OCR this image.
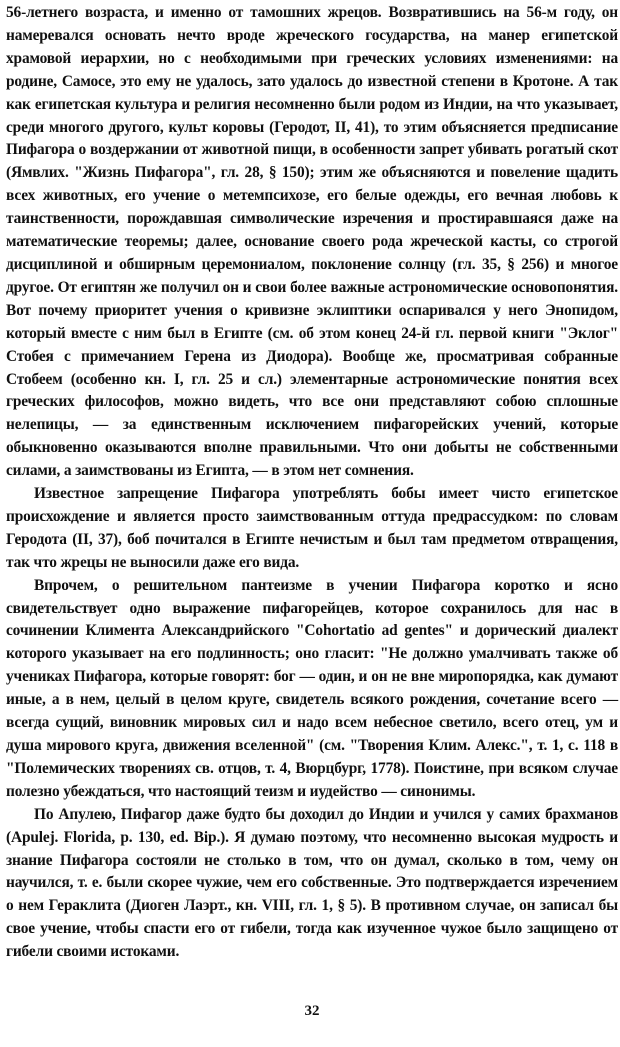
56-летнего возраста, и именно от тамошних жрецов. Возвратившись на 56-м году, он намеревался основать нечто вроде жреческого государства, на манер египетской храмовой иерархии, но с необходимыми при греческих условиях изменениями: на родине, Самосе, это ему не удалось, зато удалось до известной степени в Кротоне. А так как египетская культура и религия несомненно были родом из Индии, на что указывает, среди многого другого, культ коровы (Геродот, II, 41), то этим объясняется предписание Пифагора о воздержании от животной пищи, в особенности запрет убивать рогатый скот (Ямвлих. "Жизнь Пифагора", гл. 28, § 150); этим же объясняются и повеление щадить всех животных, его учение о метемпсихозе, его белые одежды, его вечная любовь к таинственности, порождавшая символические изречения и простиравшаяся даже на математические теоремы; далее, основание своего рода жреческой касты, со строгой дисциплиной и обширным церемониалом, поклонение солнцу (гл. 35, § 256) и многое другое. От египтян же получил он и свои более важные астрономические основопонятия. Вот почему приоритет учения о кривизне эклиптики оспаривался у него Энопидом, который вместе с ним был в Египте (см. об этом конец 24-й гл. первой книги "Эклог" Стобея с примечанием Герена из Диодора). Вообще же, просматривая собранные Стобеем (особенно кн. I, гл. 25 и сл.) элементарные астрономические понятия всех греческих философов, можно видеть, что все они представляют собою сплошные нелепицы, — за единственным исключением пифагорейских учений, которые обыкновенно оказываются вполне правильными. Что они добыты не собственными силами, а заимствованы из Египта, — в этом нет сомнения.

Известное запрещение Пифагора употреблять бобы имеет чисто египетское происхождение и является просто заимствованным оттуда предрассудком: по словам Геродота (II, 37), боб почитался в Египте нечистым и был там предметом отвращения, так что жрецы не выносили даже его вида.

Впрочем, о решительном пантеизме в учении Пифагора коротко и ясно свидетельствует одно выражение пифагорейцев, которое сохранилось для нас в сочинении Климента Александрийского "Cohortatio ad gentes" и дорический диалект которого указывает на его подлинность; оно гласит: "Не должно умалчивать также об учениках Пифагора, которые говорят: бог — один, и он не вне миропорядка, как думают иные, а в нем, целый в целом круге, свидетель всякого рождения, сочетание всего — всегда сущий, виновник мировых сил и надо всем небесное светило, всего отец, ум и душа мирового круга, движения вселенной" (см. "Творения Клим. Алекс.", т. 1, с. 118 в "Полемических творениях св. отцов, т. 4, Вюрцбург, 1778). Поистине, при всяком случае полезно убеждаться, что настоящий теизм и иудейство — синонимы.

По Апулею, Пифагор даже будто бы доходил до Индии и учился у самих брахманов (Apulej. Florida, p. 130, ed. Bip.). Я думаю поэтому, что несомненно высокая мудрость и знание Пифагора состояли не столько в том, что он думал, сколько в том, чему он научился, т. е. были скорее чужие, чем его собственные. Это подтверждается изречением о нем Гераклита (Диоген Лаэрт., кн. VIII, гл. 1, § 5). В противном случае, он записал бы свое учение, чтобы спасти его от гибели, тогда как изученное чужое было защищено от гибели своими истоками.

32
